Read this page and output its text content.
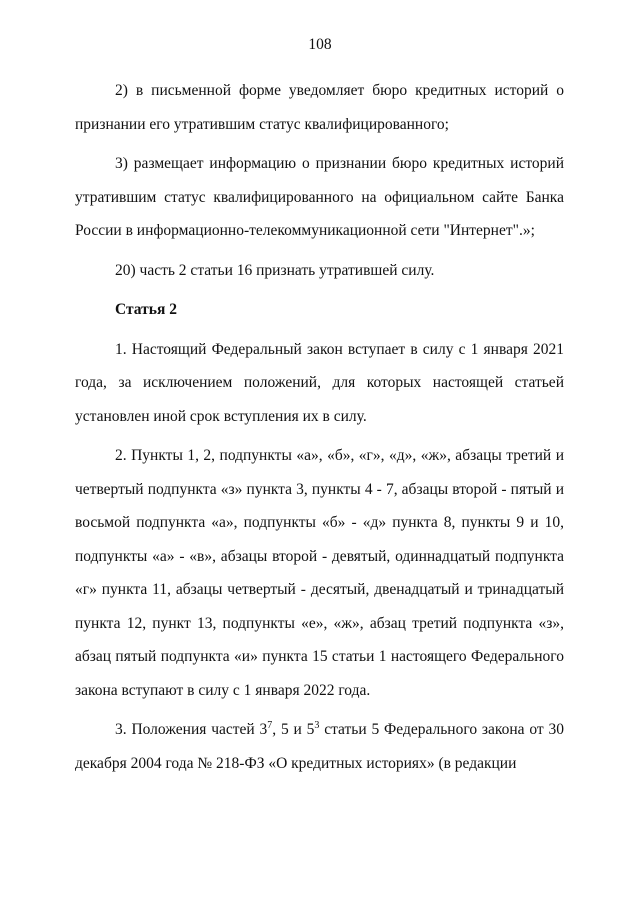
108

2) в письменной форме уведомляет бюро кредитных историй о признании его утратившим статус квалифицированного;

3) размещает информацию о признании бюро кредитных историй утратившим статус квалифицированного на официальном сайте Банка России в информационно-телекоммуникационной сети "Интернет".»;

20) часть 2 статьи 16 признать утратившей силу.

Статья 2

1. Настоящий Федеральный закон вступает в силу с 1 января 2021 года, за исключением положений, для которых настоящей статьей установлен иной срок вступления их в силу.

2. Пункты 1, 2, подпункты «а», «б», «г», «д», «ж», абзацы третий и четвертый подпункта «з» пункта 3, пункты 4 - 7, абзацы второй - пятый и восьмой подпункта «а», подпункты «б» - «д» пункта 8, пункты 9 и 10, подпункты «а» - «в», абзацы второй - девятый, одиннадцатый подпункта «г» пункта 11, абзацы четвертый - десятый, двенадцатый и тринадцатый пункта 12, пункт 13, подпункты «е», «ж», абзац третий подпункта «з», абзац пятый подпункта «и» пункта 15 статьи 1 настоящего Федерального закона вступают в силу с 1 января 2022 года.

3. Положения частей $3^7$, 5 и $5^3$ статьи 5 Федерального закона от 30 декабря 2004 года № 218-ФЗ «О кредитных историях» (в редакции
